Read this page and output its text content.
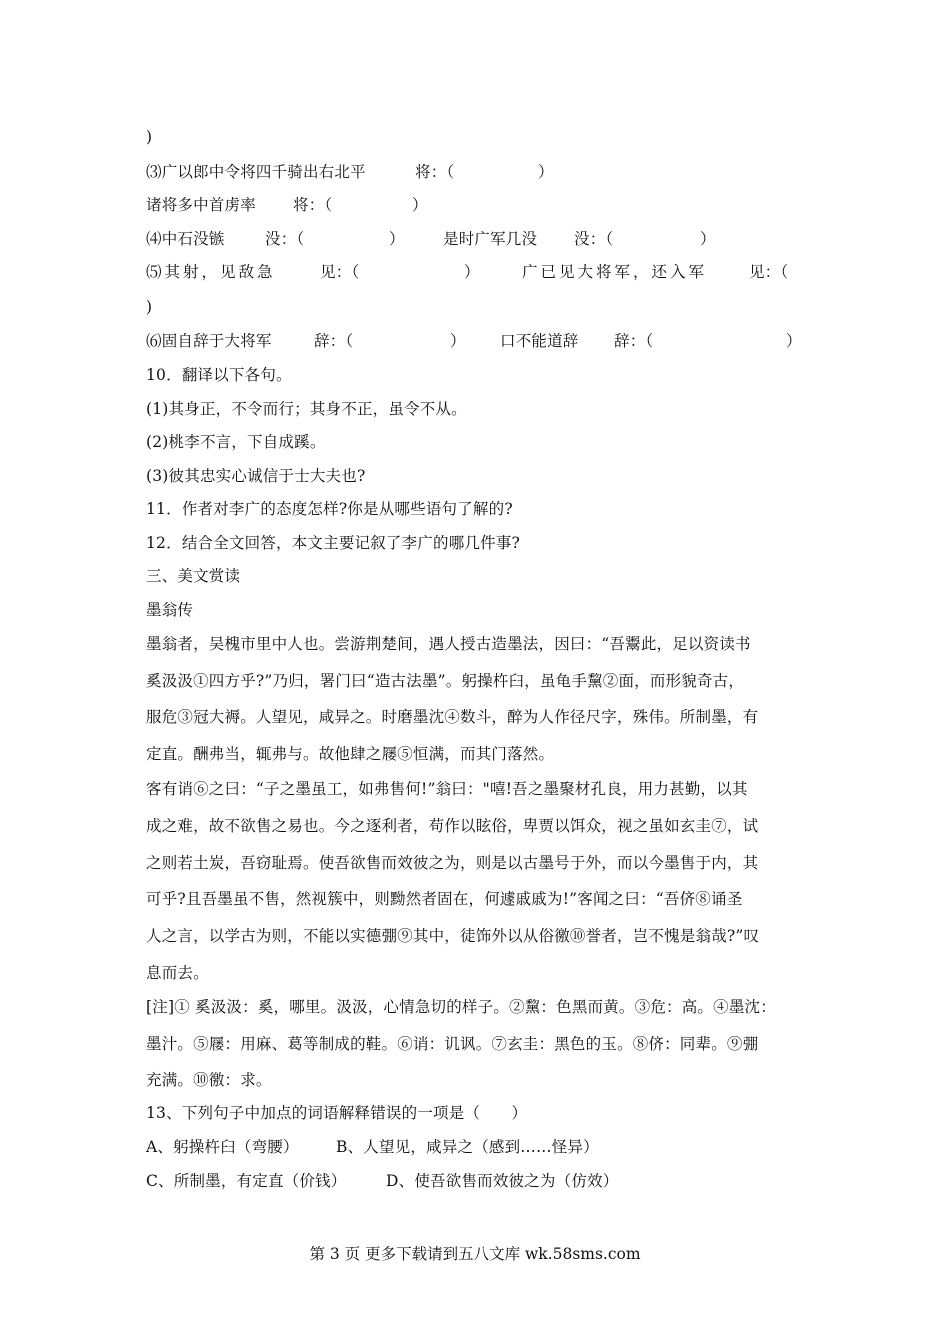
)
⑶广以郎中令将四千骑出右北平	将：（	）
诸将多中首虏率 将：（	）
⑷中石没镞	没：（	） 是时广军几没 没：（	）
⑸其射，见敌急	见：（	）	广已见大将军，还入军	见：（
)
⑹固自辞于大将军	辞：（	） 口不能道辞 辞：（	）
10．翻译以下各句。
(1)其身正，不令而行；其身不正，虽令不从。
(2)桃李不言，下自成蹊。
(3)彼其忠实心诚信于士大夫也?
11．作者对李广的态度怎样?你是从哪些语句了解的?
12．结合全文回答，本文主要记叙了李广的哪几件事?
三、美文赏读
墨翁传
墨翁者，吴槐市里中人也。尝游荆楚间，遇人授古造墨法，因曰：“吾鬻此，足以资读书
奚汲汲①四方乎?”乃归，署门曰“造古法墨”。躬操杵臼，虽龟手黧②面，而形貌奇古，
服危③冠大褥。人望见，咸异之。时磨墨沈④数斗，醉为人作径尺字，殊伟。所制墨，有
定直。酬弗当，辄弗与。故他肆之屦⑤恒满，而其门落然。
客有诮⑥之曰：“子之墨虽工，如弗售何!”翁曰："嘻!吾之墨聚材孔良，用力甚勤，以其
成之难，故不欲售之易也。今之逐利者，苟作以眩俗，卑贾以饵众，视之虽如玄圭⑦，试
之则若土炭，吾窃耻焉。使吾欲售而效彼之为，则是以古墨号于外，而以今墨售于内，其
可乎?且吾墨虽不售，然视簇中，则黝然者固在，何遽戚戚为!”客闻之曰：“吾侪⑧诵圣
人之言，以学古为则，不能以实德弸⑨其中，徒饰外以从俗徼⑩誉者，岂不愧是翁哉?”叹
息而去。
[注]① 奚汲汲：奚，哪里。汲汲，心情急切的样子。②黧：色黑而黄。③危：高。④墨沈：
墨汁。⑤屦：用麻、葛等制成的鞋。⑥诮：讥讽。⑦玄圭：黑色的玉。⑧侪：同辈。⑨弸
充满。⑩徼：求。
13、下列句子中加点的词语解释错误的一项是（　　）
A、躬操杵臼（弯腰） B、人望见，咸异之（感到……怪异）
C、所制墨，有定直（价钱）	D、使吾欲售而效彼之为（仿效）
第 3 页 更多下载请到五八文库 wk.58sms.com
